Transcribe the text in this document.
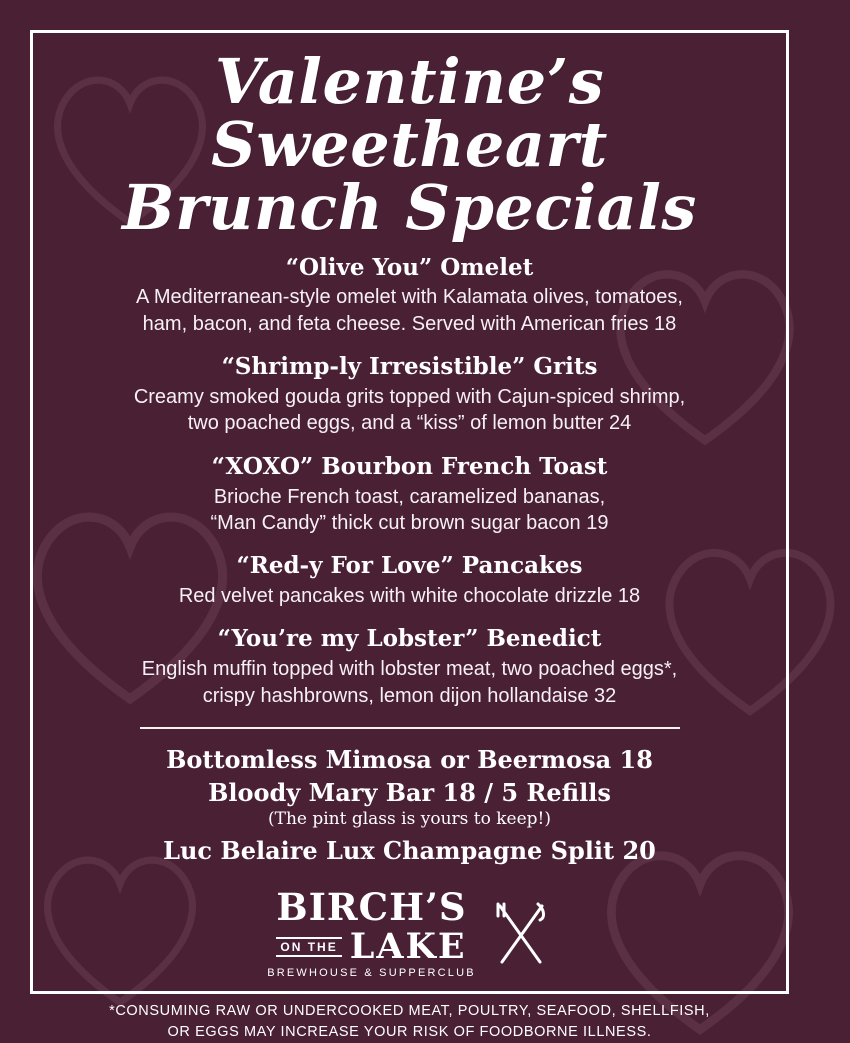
Valentine’s Sweetheart
Brunch Specials
“Olive You” Omelet
A Mediterranean-style omelet with Kalamata olives, tomatoes,
ham, bacon, and feta cheese. Served with American fries 18
“Shrimp-ly Irresistible” Grits
Creamy smoked gouda grits topped with Cajun-spiced shrimp,
two poached eggs, and a “kiss” of lemon butter 24
“XOXO” Bourbon French Toast
Brioche French toast, caramelized bananas,
“Man Candy” thick cut brown sugar bacon 19
“Red-y For Love” Pancakes
Red velvet pancakes with white chocolate drizzle 18
“You’re my Lobster” Benedict
English muffin topped with lobster meat, two poached eggs*,
crispy hashbrowns, lemon dijon hollandaise 32
Bottomless Mimosa or Beermosa 18
Bloody Mary Bar 18 / 5 Refills
(The pint glass is yours to keep!)
Luc Belaire Lux Champagne Split 20
BIRCH’S
ON THE LAKE
BREWHOUSE & SUPPERCLUB
*CONSUMING RAW OR UNDERCOOKED MEAT, POULTRY, SEAFOOD, SHELLFISH,
OR EGGS MAY INCREASE YOUR RISK OF FOODBORNE ILLNESS.
